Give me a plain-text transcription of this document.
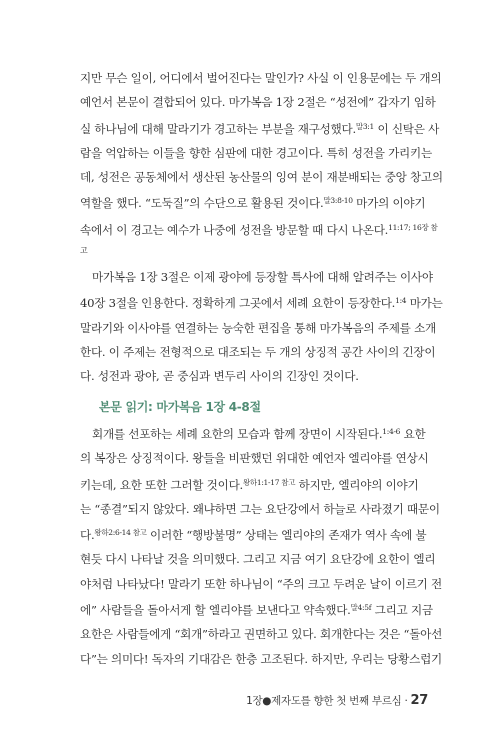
지만 무슨 일이, 어디에서 벌어진다는 말인가? 사실 이 인용문에는 두 개의
예언서 본문이 결합되어 있다. 마가복음 1장 2절은 “성전에” 갑자기 임하
실 하나님에 대해 말라기가 경고하는 부분을 재구성했다.$^{말3:1}$ 이 신탁은 사
람을 억압하는 이들을 향한 심판에 대한 경고이다. 특히 성전을 가리키는
데, 성전은 공동체에서 생산된 농산물의 잉여 분이 재분배되는 중앙 창고의
역할을 했다. “도둑질”의 수단으로 활용된 것이다.$^{말3:8-10}$ 마가의 이야기
속에서 이 경고는 예수가 나중에 성전을 방문할 때 다시 나온다.$^{11:17; 16장 참}$
고
마가복음 1장 3절은 이제 광야에 등장할 특사에 대해 알려주는 이사야
40장 3절을 인용한다. 정확하게 그곳에서 세례 요한이 등장한다.$^{1:4}$ 마가는
말라기와 이사야를 연결하는 능숙한 편집을 통해 마가복음의 주제를 소개
한다. 이 주제는 전형적으로 대조되는 두 개의 상징적 공간 사이의 긴장이
다. 성전과 광야, 곧 중심과 변두리 사이의 긴장인 것이다.
본문 읽기: 마가복음 1장 4-8절
회개를 선포하는 세례 요한의 모습과 함께 장면이 시작된다.$^{1:4-6}$ 요한
의 복장은 상징적이다. 왕들을 비판했던 위대한 예언자 엘리야를 연상시
키는데, 요한 또한 그러할 것이다.$^{왕하1:1-17 참고}$ 하지만, 엘리야의 이야기
는 “종결”되지 않았다. 왜냐하면 그는 요단강에서 하늘로 사라졌기 때문이
다.$^{왕하2:6-14 참고}$ 이러한 “행방불명” 상태는 엘리야의 존재가 역사 속에 불
현듯 다시 나타날 것을 의미했다. 그리고 지금 여기 요단강에 요한이 엘리
야처럼 나타났다! 말라기 또한 하나님이 “주의 크고 두려운 날이 이르기 전
에” 사람들을 돌아서게 할 엘리야를 보낸다고 약속했다.$^{말4:5f}$ 그리고 지금
요한은 사람들에게 “회개”하라고 권면하고 있다. 회개한다는 것은 “돌아선
다”는 의미다! 독자의 기대감은 한층 고조된다. 하지만, 우리는 당황스럽기
1장●제자도를 향한 첫 번째 부르심 · 27
